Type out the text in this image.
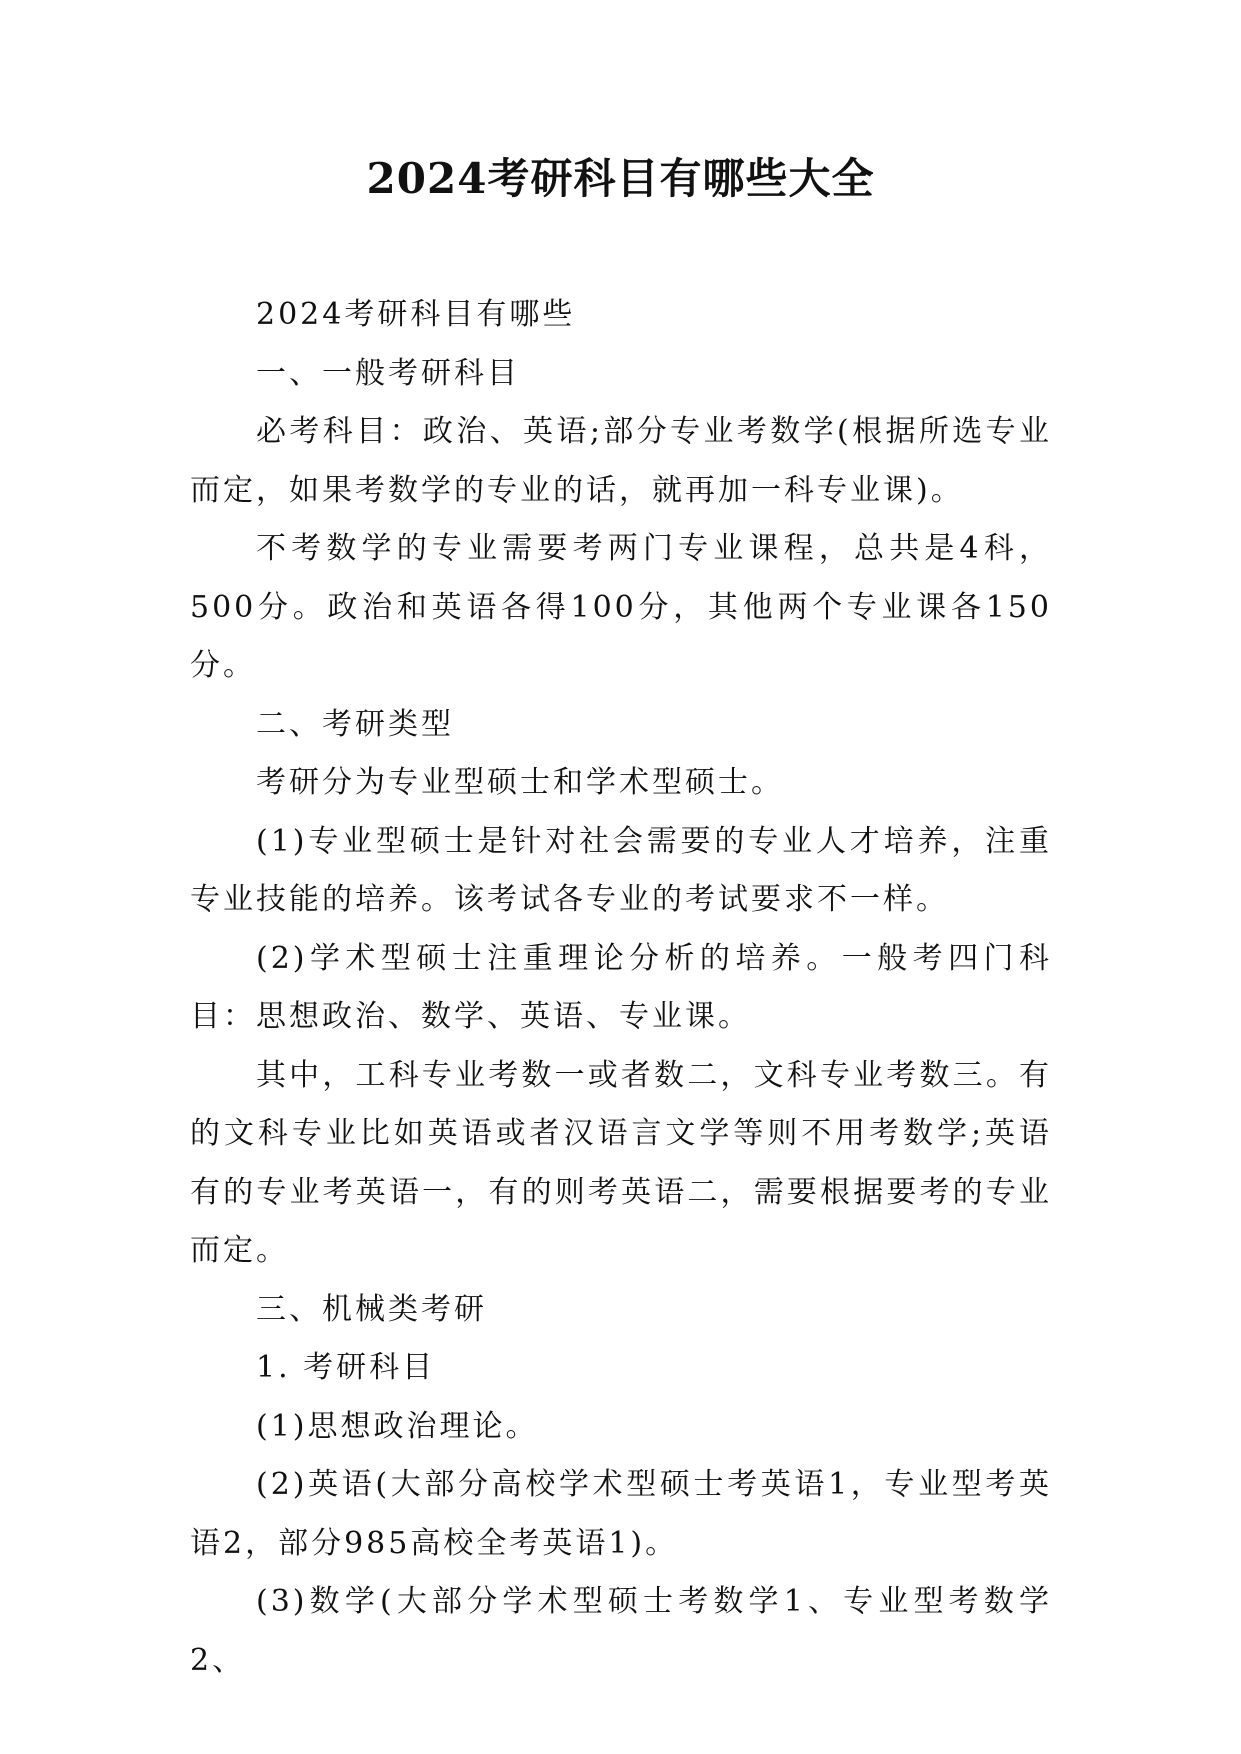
2024考研科目有哪些大全

2024考研科目有哪些

一、一般考研科目

必考科目：政治、英语;部分专业考数学(根据所选专业而定，如果考数学的专业的话，就再加一科专业课)。

不考数学的专业需要考两门专业课程，总共是4科，500分。政治和英语各得100分，其他两个专业课各150分。

二、考研类型

考研分为专业型硕士和学术型硕士。

(1)专业型硕士是针对社会需要的专业人才培养，注重专业技能的培养。该考试各专业的考试要求不一样。

(2)学术型硕士注重理论分析的培养。一般考四门科目：思想政治、数学、英语、专业课。

其中，工科专业考数一或者数二，文科专业考数三。有的文科专业比如英语或者汉语言文学等则不用考数学;英语有的专业考英语一，有的则考英语二，需要根据要考的专业而定。

三、机械类考研

1. 考研科目

(1)思想政治理论。

(2)英语(大部分高校学术型硕士考英语1，专业型考英语2，部分985高校全考英语1)。

(3)数学(大部分学术型硕士考数学1、专业型考数学2、
